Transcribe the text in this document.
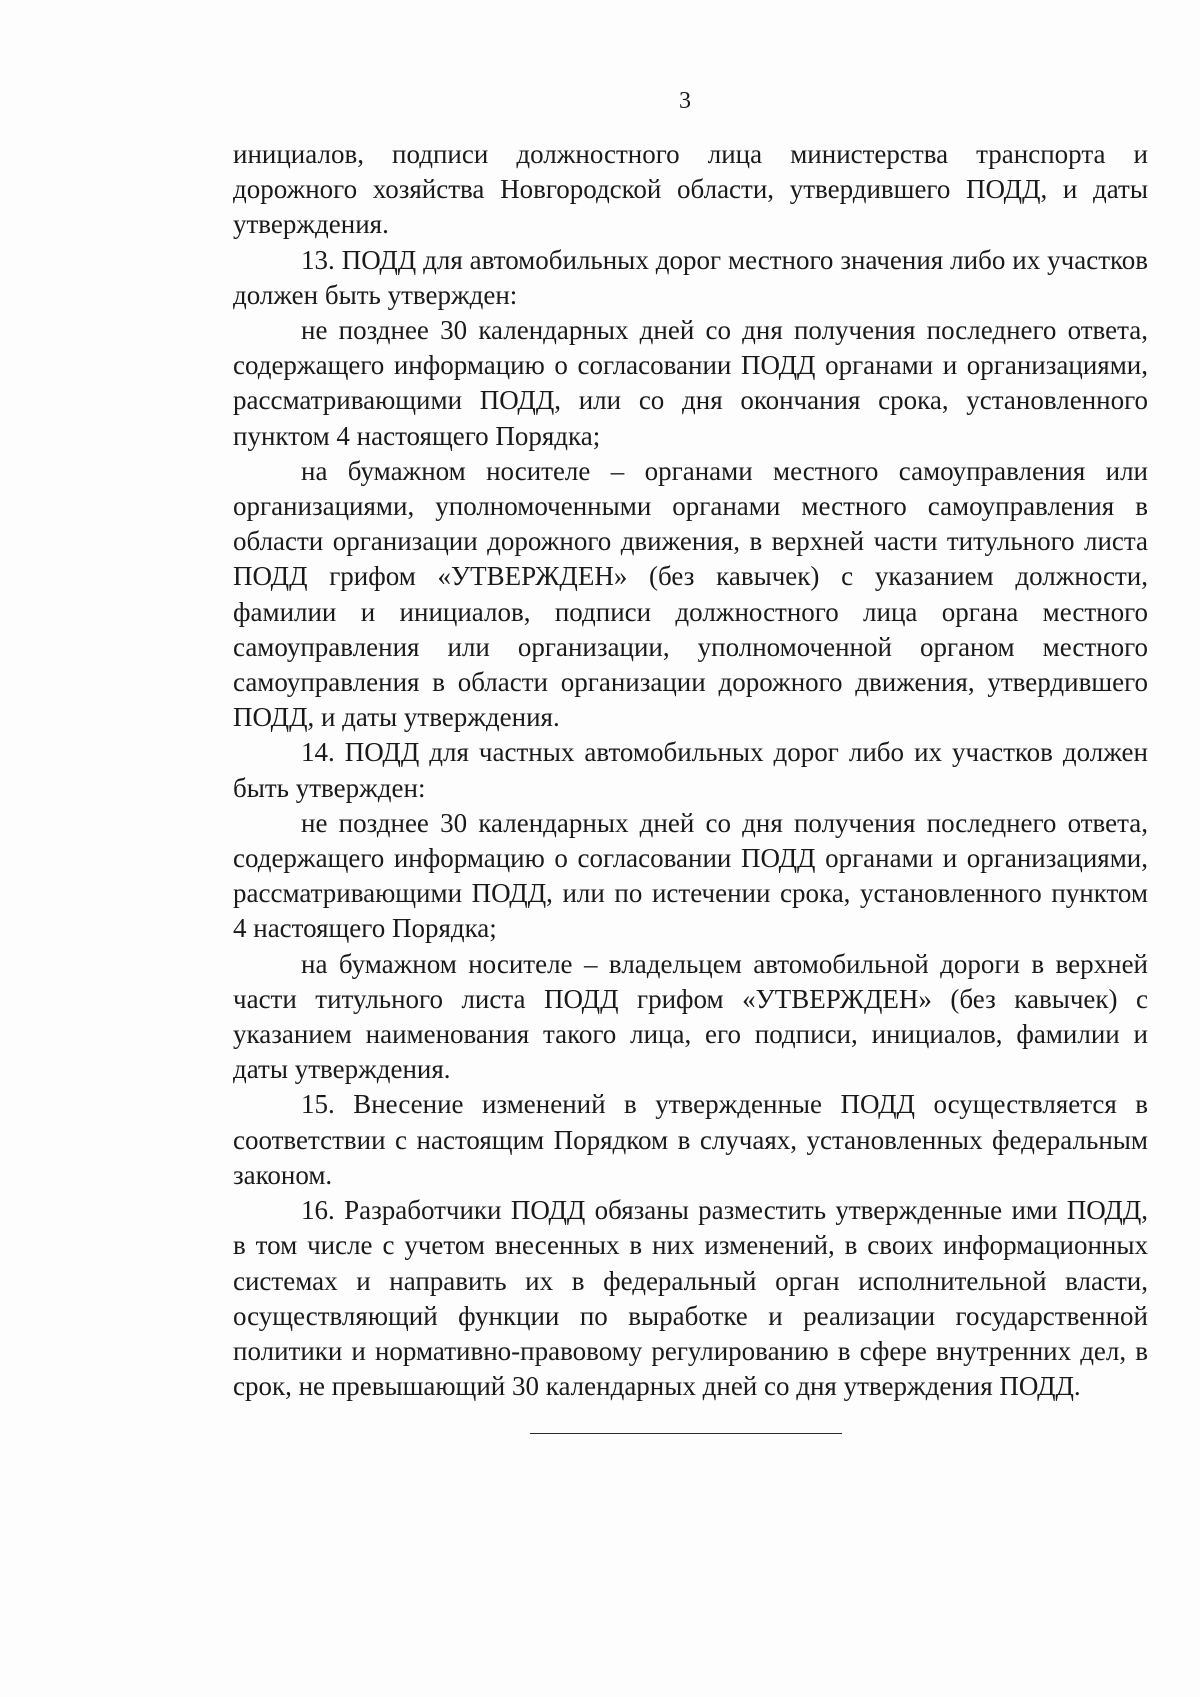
3

инициалов, подписи должностного лица министерства транспорта и дорожного хозяйства Новгородской области, утвердившего ПОДД, и даты утверждения.

13. ПОДД для автомобильных дорог местного значения либо их участков должен быть утвержден:

не позднее 30 календарных дней со дня получения последнего ответа, содержащего информацию о согласовании ПОДД органами и организациями, рассматривающими ПОДД, или со дня окончания срока, установленного пунктом 4 настоящего Порядка;

на бумажном носителе – органами местного самоуправления или организациями, уполномоченными органами местного самоуправления в области организации дорожного движения, в верхней части титульного листа ПОДД грифом «УТВЕРЖДЕН» (без кавычек) с указанием должности, фамилии и инициалов, подписи должностного лица органа местного самоуправления или организации, уполномоченной органом местного самоуправления в области организации дорожного движения, утвердившего ПОДД, и даты утверждения.

14. ПОДД для частных автомобильных дорог либо их участков должен быть утвержден:

не позднее 30 календарных дней со дня получения последнего ответа, содержащего информацию о согласовании ПОДД органами и организациями, рассматривающими ПОДД, или по истечении срока, установленного пунктом 4 настоящего Порядка;

на бумажном носителе – владельцем автомобильной дороги в верхней части титульного листа ПОДД грифом «УТВЕРЖДЕН» (без кавычек) с указанием наименования такого лица, его подписи, инициалов, фамилии и даты утверждения.

15. Внесение изменений в утвержденные ПОДД осуществляется в соответствии с настоящим Порядком в случаях, установленных федеральным законом.

16. Разработчики ПОДД обязаны разместить утвержденные ими ПОДД, в том числе с учетом внесенных в них изменений, в своих информационных системах и направить их в федеральный орган исполнительной власти, осуществляющий функции по выработке и реализации государственной политики и нормативно-правовому регулированию в сфере внутренних дел, в срок, не превышающий 30 календарных дней со дня утверждения ПОДД.
